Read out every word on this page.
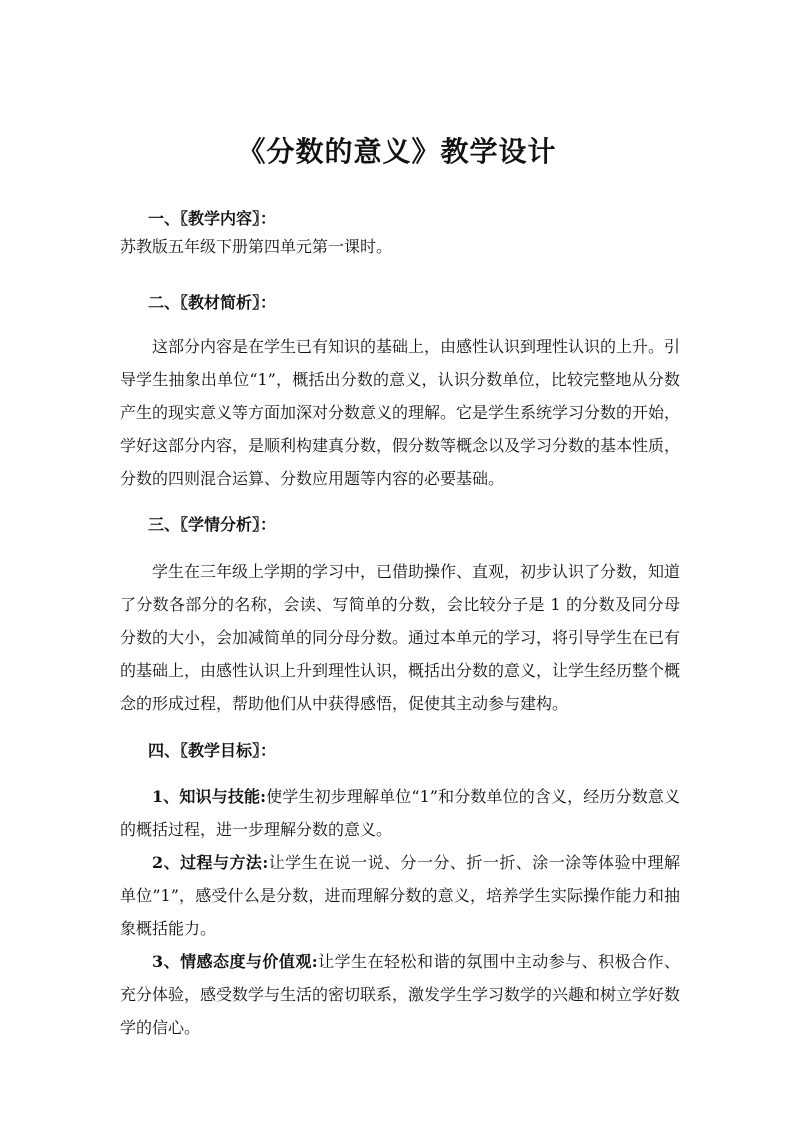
《分数的意义》教学设计
一、〖教学内容〗：
苏教版五年级下册第四单元第一课时。
二、〖教材简析〗：
这部分内容是在学生已有知识的基础上，由感性认识到理性认识的上升。引导学生抽象出单位“1”，概括出分数的意义，认识分数单位，比较完整地从分数产生的现实意义等方面加深对分数意义的理解。它是学生系统学习分数的开始，学好这部分内容，是顺利构建真分数，假分数等概念以及学习分数的基本性质，分数的四则混合运算、分数应用题等内容的必要基础。
三、〖学情分析〗：
学生在三年级上学期的学习中，已借助操作、直观，初步认识了分数，知道了分数各部分的名称，会读、写简单的分数，会比较分子是 1 的分数及同分母分数的大小，会加减简单的同分母分数。通过本单元的学习，将引导学生在已有的基础上，由感性认识上升到理性认识，概括出分数的意义，让学生经历整个概念的形成过程，帮助他们从中获得感悟，促使其主动参与建构。
四、〖教学目标〗：
1、知识与技能:使学生初步理解单位“1”和分数单位的含义，经历分数意义的概括过程，进一步理解分数的意义。
2、过程与方法:让学生在说一说、分一分、折一折、涂一涂等体验中理解单位”1”，感受什么是分数，进而理解分数的意义，培养学生实际操作能力和抽象概括能力。
3、情感态度与价值观:让学生在轻松和谐的氛围中主动参与、积极合作、充分体验，感受数学与生活的密切联系，激发学生学习数学的兴趣和树立学好数学的信心。
